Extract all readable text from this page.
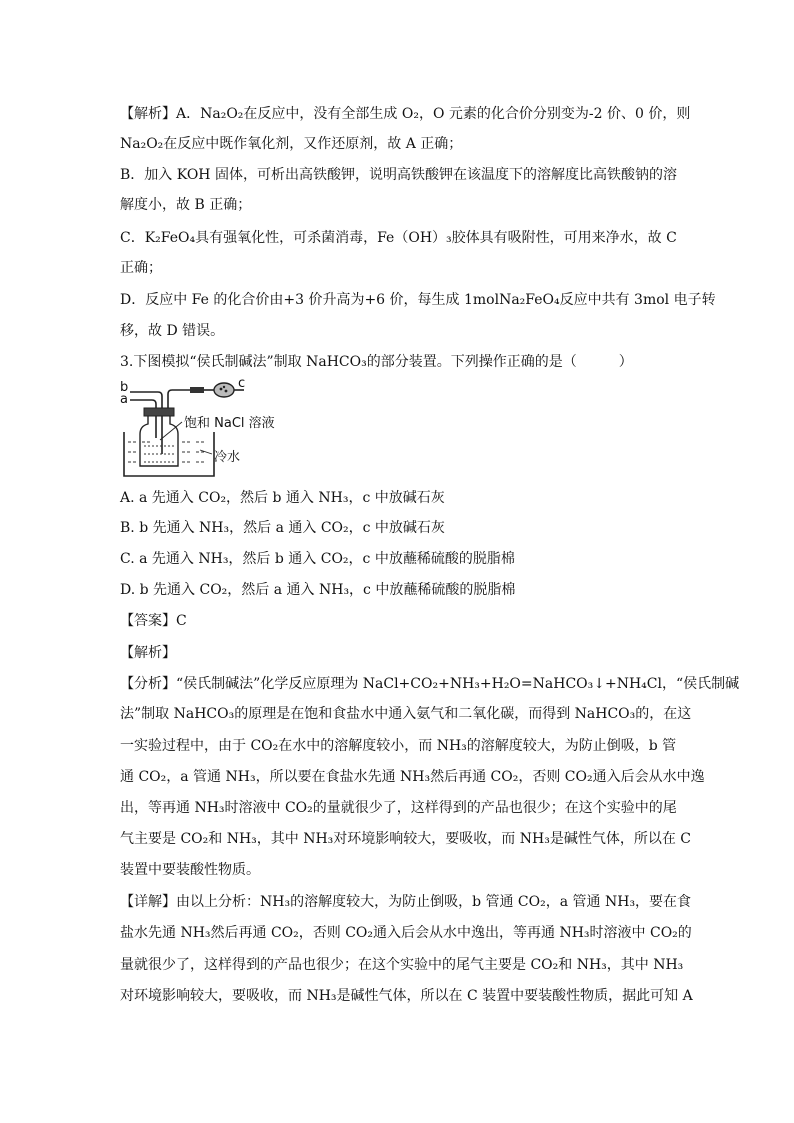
【解析】A．Na₂O₂在反应中，没有全部生成 O₂，O 元素的化合价分别变为-2 价、0 价，则
Na₂O₂在反应中既作氧化剂，又作还原剂，故 A 正确；
B．加入 KOH 固体，可析出高铁酸钾，说明高铁酸钾在该温度下的溶解度比高铁酸钠的溶
解度小，故 B 正确；
C．K₂FeO₄具有强氧化性，可杀菌消毒，Fe（OH）₃胶体具有吸附性，可用来净水，故 C
正确；
D．反应中 Fe 的化合价由+3 价升高为+6 价，每生成 1molNa₂FeO₄反应中共有 3mol 电子转
移，故 D 错误。
3.下图模拟“侯氏制碱法”制取 NaHCO₃的部分装置。下列操作正确的是（　　　）
b
a
c
饱和 NaCl 溶液
冷水
A. a 先通入 CO₂，然后 b 通入 NH₃，c 中放碱石灰
B. b 先通入 NH₃，然后 a 通入 CO₂，c 中放碱石灰
C. a 先通入 NH₃，然后 b 通入 CO₂，c 中放蘸稀硫酸的脱脂棉
D. b 先通入 CO₂，然后 a 通入 NH₃，c 中放蘸稀硫酸的脱脂棉
【答案】C
【解析】
【分析】“侯氏制碱法”化学反应原理为 NaCl+CO₂+NH₃+H₂O=NaHCO₃↓+NH₄Cl，“侯氏制碱
法”制取 NaHCO₃的原理是在饱和食盐水中通入氨气和二氧化碳，而得到 NaHCO₃的，在这
一实验过程中，由于 CO₂在水中的溶解度较小，而 NH₃的溶解度较大，为防止倒吸，b 管
通 CO₂，a 管通 NH₃，所以要在食盐水先通 NH₃然后再通 CO₂，否则 CO₂通入后会从水中逸
出，等再通 NH₃时溶液中 CO₂的量就很少了，这样得到的产品也很少；在这个实验中的尾
气主要是 CO₂和 NH₃，其中 NH₃对环境影响较大，要吸收，而 NH₃是碱性气体，所以在 C
装置中要装酸性物质。
【详解】由以上分析：NH₃的溶解度较大，为防止倒吸，b 管通 CO₂，a 管通 NH₃，要在食
盐水先通 NH₃然后再通 CO₂，否则 CO₂通入后会从水中逸出，等再通 NH₃时溶液中 CO₂的
量就很少了，这样得到的产品也很少；在这个实验中的尾气主要是 CO₂和 NH₃，其中 NH₃
对环境影响较大，要吸收，而 NH₃是碱性气体，所以在 C 装置中要装酸性物质，据此可知 A
